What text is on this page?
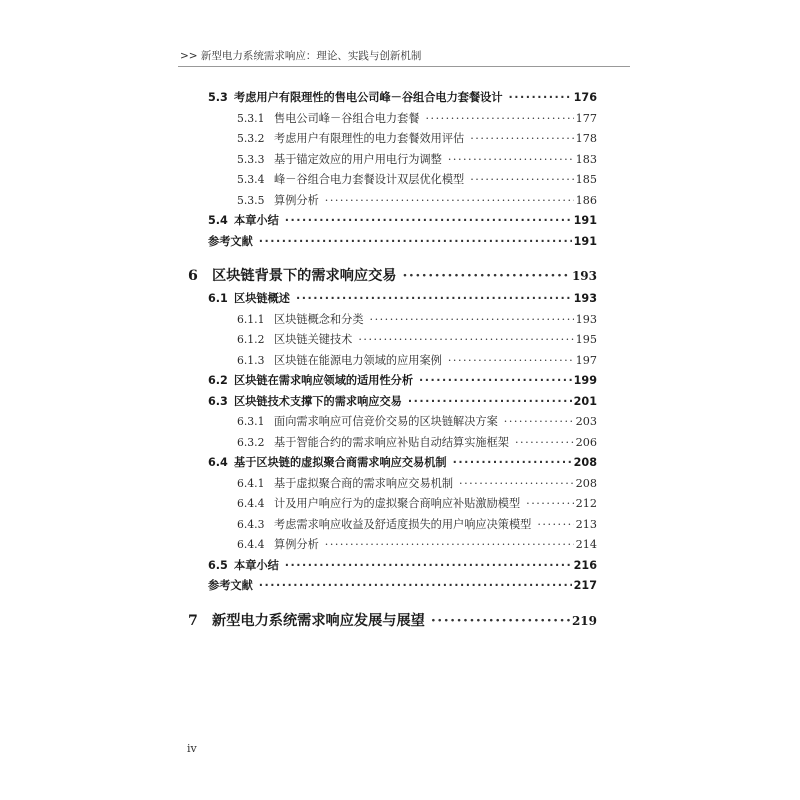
>> 新型电力系统需求响应：理论、实践与创新机制
5.3 考虑用户有限理性的售电公司峰－谷组合电力套餐设计 ·····	176
5.3.1 售电公司峰－谷组合电力套餐 ·····	177
5.3.2 考虑用户有限理性的电力套餐效用评估 ·····	178
5.3.3 基于锚定效应的用户用电行为调整 ·····	183
5.3.4 峰－谷组合电力套餐设计双层优化模型 ·····	185
5.3.5 算例分析 ·····	186
5.4 本章小结 ·····	191
参考文献 ·····	191
6 区块链背景下的需求响应交易 ·····	193
6.1 区块链概述 ·····	193
6.1.1 区块链概念和分类 ·····	193
6.1.2 区块链关键技术 ·····	195
6.1.3 区块链在能源电力领域的应用案例 ·····	197
6.2 区块链在需求响应领域的适用性分析 ·····	199
6.3 区块链技术支撑下的需求响应交易 ·····	201
6.3.1 面向需求响应可信竞价交易的区块链解决方案 ·····	203
6.3.2 基于智能合约的需求响应补贴自动结算实施框架 ·····	206
6.4 基于区块链的虚拟聚合商需求响应交易机制 ·····	208
6.4.1 基于虚拟聚合商的需求响应交易机制 ·····	208
6.4.4 计及用户响应行为的虚拟聚合商响应补贴激励模型 ·····	212
6.4.3 考虑需求响应收益及舒适度损失的用户响应决策模型 ·····	213
6.4.4 算例分析 ·····	214
6.5 本章小结 ·····	216
参考文献 ·····	217
7 新型电力系统需求响应发展与展望 ·····	219
iv
